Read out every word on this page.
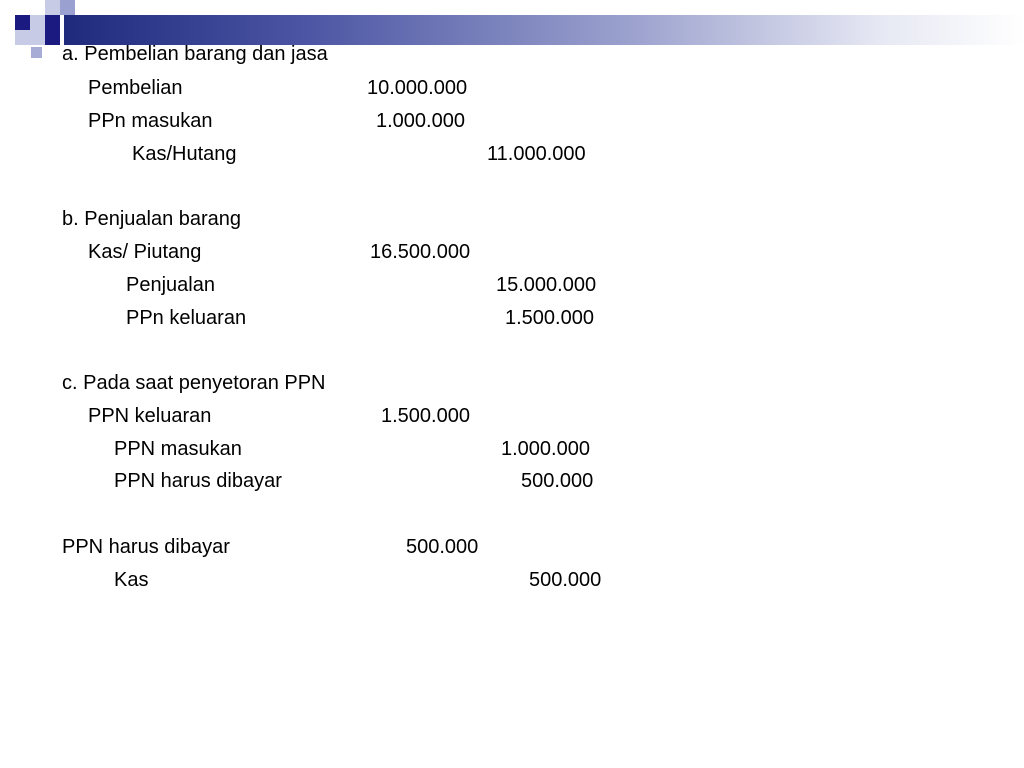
a. Pembelian barang dan jasa

Pembelian	10.000.000

PPn masukan	1.000.000

Kas/Hutang	11.000.000

b. Penjualan barang

Kas/ Piutang	16.500.000

Penjualan	15.000.000

PPn keluaran	1.500.000

c. Pada saat penyetoran PPN

PPN keluaran	1.500.000

PPN masukan	1.000.000

PPN harus dibayar	500.000

PPN harus dibayar	500.000

Kas	500.000
